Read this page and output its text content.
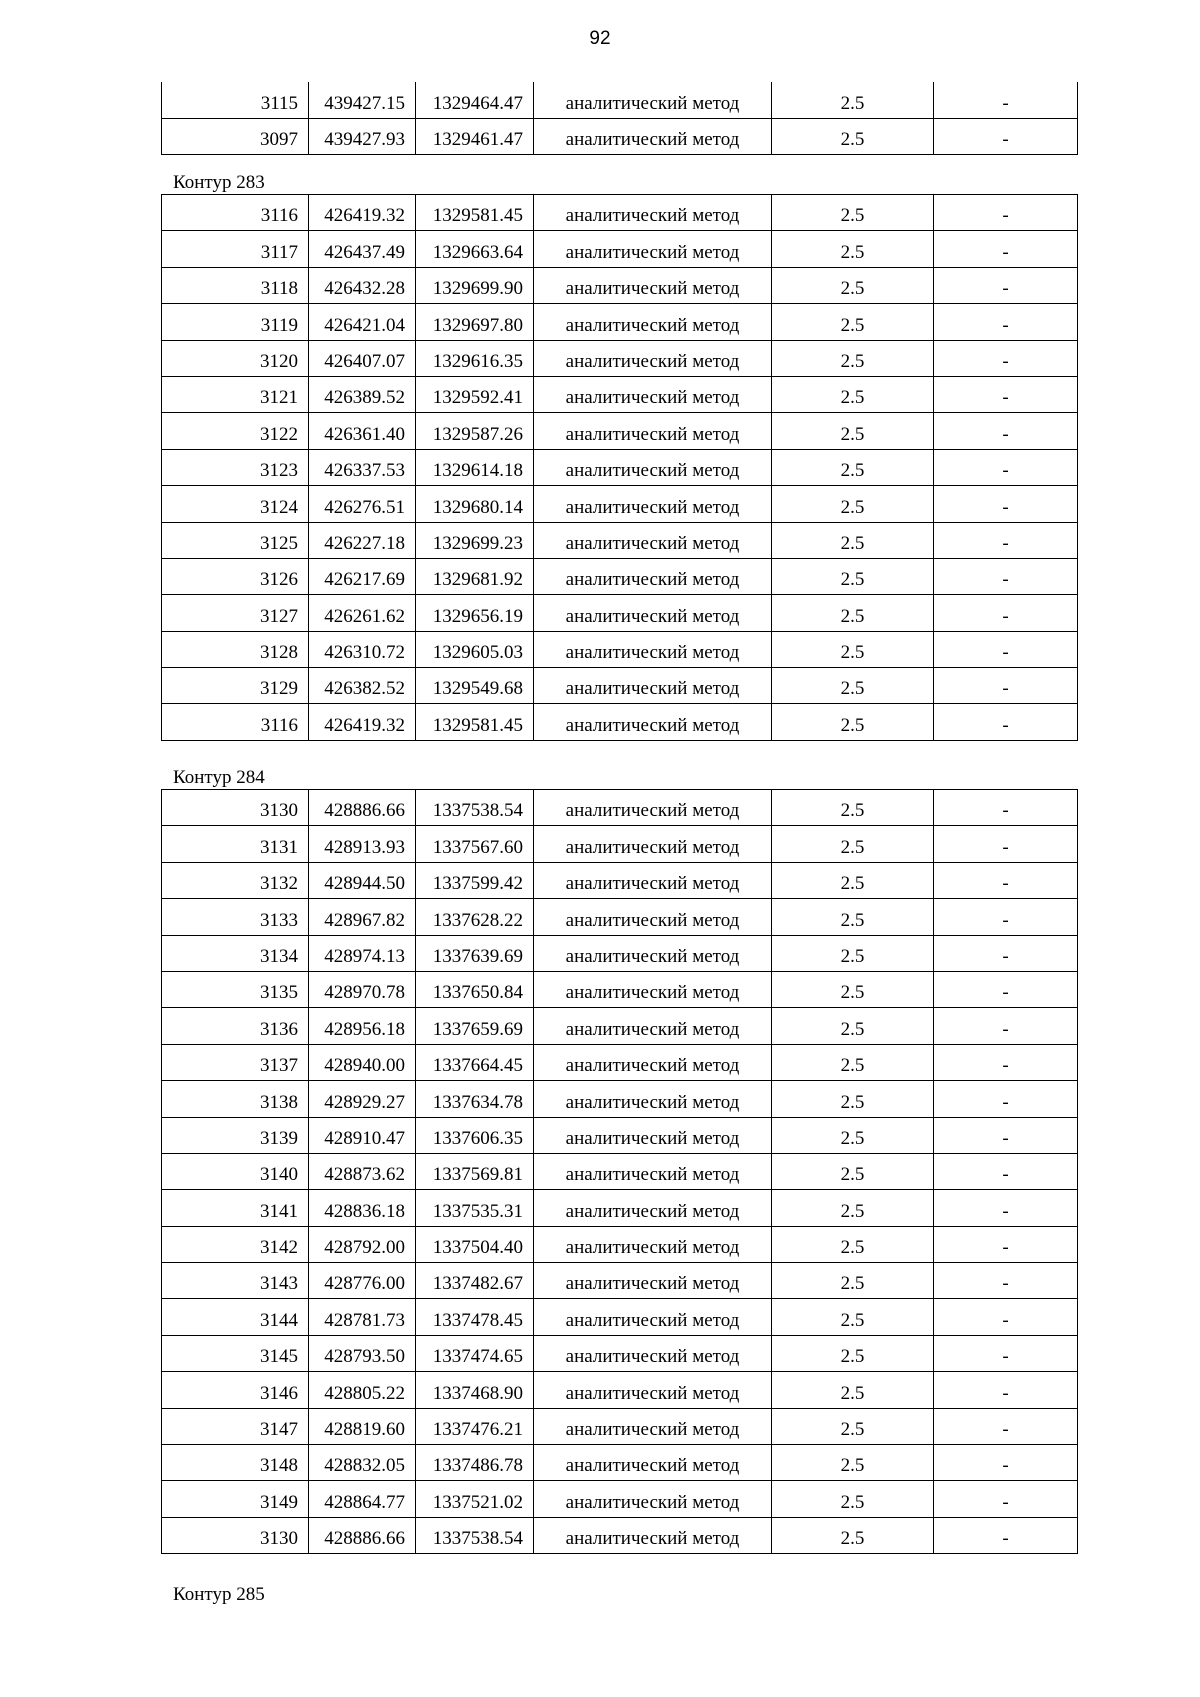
92
3115	439427.15	1329464.47	аналитический метод	2.5	-
3097	439427.93	1329461.47	аналитический метод	2.5	-
Контур 283
3116	426419.32	1329581.45	аналитический метод	2.5	-
3117	426437.49	1329663.64	аналитический метод	2.5	-
3118	426432.28	1329699.90	аналитический метод	2.5	-
3119	426421.04	1329697.80	аналитический метод	2.5	-
3120	426407.07	1329616.35	аналитический метод	2.5	-
3121	426389.52	1329592.41	аналитический метод	2.5	-
3122	426361.40	1329587.26	аналитический метод	2.5	-
3123	426337.53	1329614.18	аналитический метод	2.5	-
3124	426276.51	1329680.14	аналитический метод	2.5	-
3125	426227.18	1329699.23	аналитический метод	2.5	-
3126	426217.69	1329681.92	аналитический метод	2.5	-
3127	426261.62	1329656.19	аналитический метод	2.5	-
3128	426310.72	1329605.03	аналитический метод	2.5	-
3129	426382.52	1329549.68	аналитический метод	2.5	-
3116	426419.32	1329581.45	аналитический метод	2.5	-
Контур 284
3130	428886.66	1337538.54	аналитический метод	2.5	-
3131	428913.93	1337567.60	аналитический метод	2.5	-
3132	428944.50	1337599.42	аналитический метод	2.5	-
3133	428967.82	1337628.22	аналитический метод	2.5	-
3134	428974.13	1337639.69	аналитический метод	2.5	-
3135	428970.78	1337650.84	аналитический метод	2.5	-
3136	428956.18	1337659.69	аналитический метод	2.5	-
3137	428940.00	1337664.45	аналитический метод	2.5	-
3138	428929.27	1337634.78	аналитический метод	2.5	-
3139	428910.47	1337606.35	аналитический метод	2.5	-
3140	428873.62	1337569.81	аналитический метод	2.5	-
3141	428836.18	1337535.31	аналитический метод	2.5	-
3142	428792.00	1337504.40	аналитический метод	2.5	-
3143	428776.00	1337482.67	аналитический метод	2.5	-
3144	428781.73	1337478.45	аналитический метод	2.5	-
3145	428793.50	1337474.65	аналитический метод	2.5	-
3146	428805.22	1337468.90	аналитический метод	2.5	-
3147	428819.60	1337476.21	аналитический метод	2.5	-
3148	428832.05	1337486.78	аналитический метод	2.5	-
3149	428864.77	1337521.02	аналитический метод	2.5	-
3130	428886.66	1337538.54	аналитический метод	2.5	-
Контур 285
